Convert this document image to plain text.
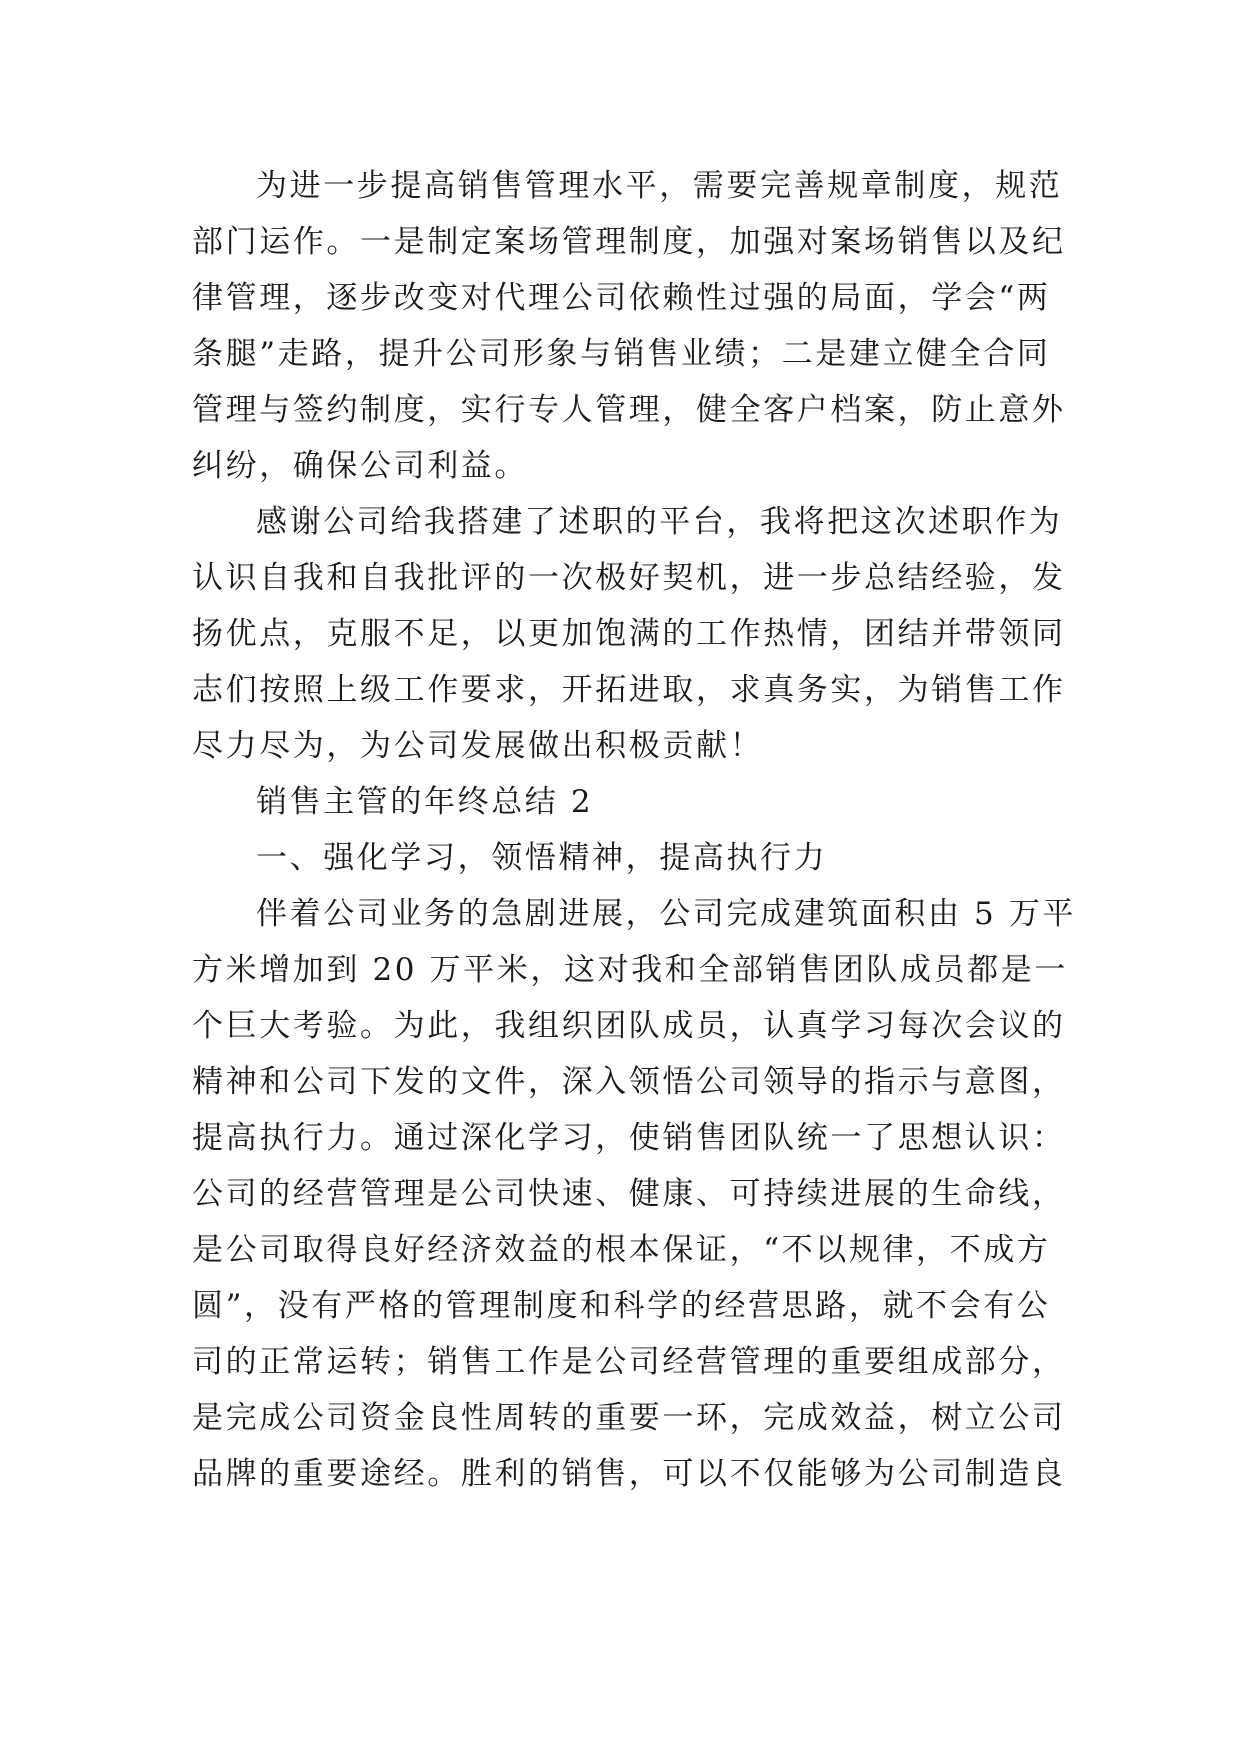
为进一步提高销售管理水平，需要完善规章制度，规范
部门运作。一是制定案场管理制度，加强对案场销售以及纪
律管理，逐步改变对代理公司依赖性过强的局面，学会“两
条腿”走路，提升公司形象与销售业绩；二是建立健全合同
管理与签约制度，实行专人管理，健全客户档案，防止意外
纠纷，确保公司利益。
感谢公司给我搭建了述职的平台，我将把这次述职作为
认识自我和自我批评的一次极好契机，进一步总结经验，发
扬优点，克服不足，以更加饱满的工作热情，团结并带领同
志们按照上级工作要求，开拓进取，求真务实，为销售工作
尽力尽为，为公司发展做出积极贡献！
销售主管的年终总结 2
一、强化学习，领悟精神，提高执行力
伴着公司业务的急剧进展，公司完成建筑面积由 5 万平
方米增加到 20 万平米，这对我和全部销售团队成员都是一
个巨大考验。为此，我组织团队成员，认真学习每次会议的
精神和公司下发的文件，深入领悟公司领导的指示与意图，
提高执行力。通过深化学习，使销售团队统一了思想认识：
公司的经营管理是公司快速、健康、可持续进展的生命线，
是公司取得良好经济效益的根本保证，“不以规律，不成方
圆”，没有严格的管理制度和科学的经营思路，就不会有公
司的正常运转；销售工作是公司经营管理的重要组成部分，
是完成公司资金良性周转的重要一环，完成效益，树立公司
品牌的重要途经。胜利的销售，可以不仅能够为公司制造良
